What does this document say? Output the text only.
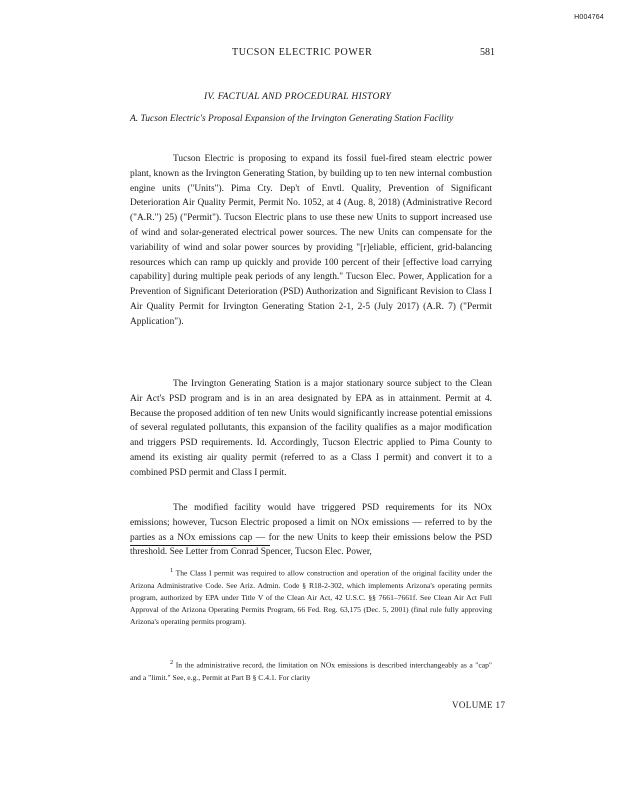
H004764
TUCSON ELECTRIC POWER	581
IV. FACTUAL AND PROCEDURAL HISTORY
A. Tucson Electric's Proposal Expansion of the Irvington Generating Station Facility

Tucson Electric is proposing to expand its fossil fuel-fired steam electric power plant, known as the Irvington Generating Station, by building up to ten new internal combustion engine units ("Units"). Pima Cty. Dep't of Envtl. Quality, Prevention of Significant Deterioration Air Quality Permit, Permit No. 1052, at 4 (Aug. 8, 2018) (Administrative Record ("A.R.") 25) ("Permit"). Tucson Electric plans to use these new Units to support increased use of wind and solar-generated electrical power sources. The new Units can compensate for the variability of wind and solar power sources by providing "[r]eliable, efficient, grid-balancing resources which can ramp up quickly and provide 100 percent of their [effective load carrying capability] during multiple peak periods of any length." Tucson Elec. Power, Application for a Prevention of Significant Deterioration (PSD) Authorization and Significant Revision to Class I Air Quality Permit for Irvington Generating Station 2-1, 2-5 (July 2017) (A.R. 7) ("Permit Application").

The Irvington Generating Station is a major stationary source subject to the Clean Air Act's PSD program and is in an area designated by EPA as in attainment. Permit at 4. Because the proposed addition of ten new Units would significantly increase potential emissions of several regulated pollutants, this expansion of the facility qualifies as a major modification and triggers PSD requirements. Id. Accordingly, Tucson Electric applied to Pima County to amend its existing air quality permit (referred to as a Class I permit) and convert it to a combined PSD permit and Class I permit.

The modified facility would have triggered PSD requirements for its NOx emissions; however, Tucson Electric proposed a limit on NOx emissions — referred to by the parties as a NOx emissions cap — for the new Units to keep their emissions below the PSD threshold. See Letter from Conrad Spencer, Tucson Elec. Power,

$^1$ The Class I permit was required to allow construction and operation of the original facility under the Arizona Administrative Code. See Ariz. Admin. Code § R18-2-302, which implements Arizona's operating permits program, authorized by EPA under Title V of the Clean Air Act, 42 U.S.C. §§ 7661–7661f. See Clean Air Act Full Approval of the Arizona Operating Permits Program, 66 Fed. Reg. 63,175 (Dec. 5, 2001) (final rule fully approving Arizona's operating permits program).

$^2$ In the administrative record, the limitation on NOx emissions is described interchangeably as a "cap" and a "limit." See, e.g., Permit at Part B § C.4.1. For clarity

VOLUME 17
